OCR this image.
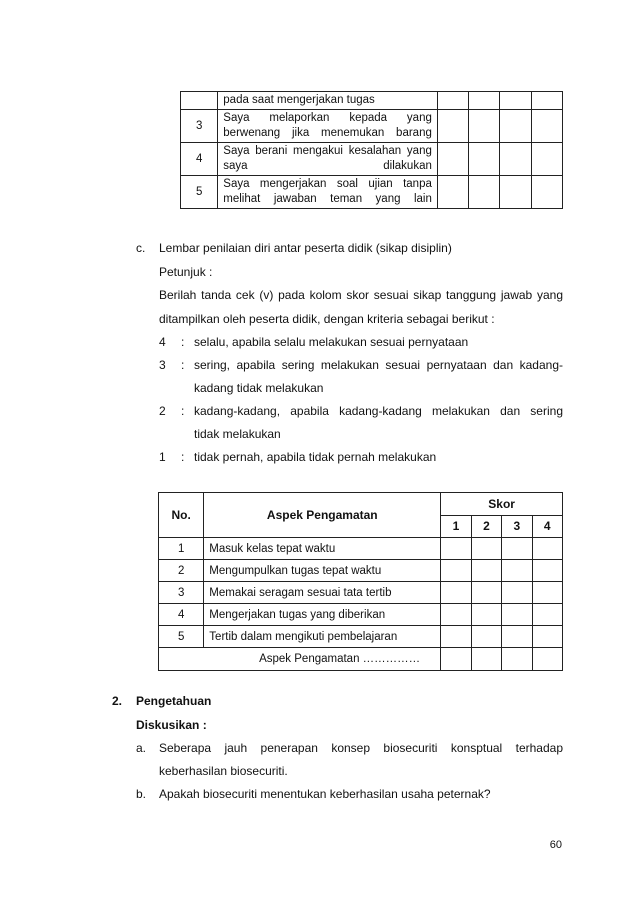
	pada saat mengerjakan tugas				
3	Saya melaporkan kepada yang berwenang jika menemukan barang				
4	Saya berani mengakui kesalahan yang saya dilakukan				
5	Saya mengerjakan soal ujian tanpa melihat jawaban teman yang lain				
c. Lembar penilaian diri antar peserta didik (sikap disiplin)
Petunjuk :
Berilah tanda cek (v) pada kolom skor sesuai sikap tanggung jawab yang
ditampilkan oleh peserta didik, dengan kriteria sebagai berikut :
4 : selalu, apabila selalu melakukan sesuai pernyataan
3 : sering, apabila sering melakukan sesuai pernyataan dan kadang-
kadang tidak melakukan
2 : kadang-kadang, apabila kadang-kadang melakukan dan sering
tidak melakukan
1 : tidak pernah, apabila tidak pernah melakukan
No.	Aspek Pengamatan	Skor			
		1	2	3	4
1	Masuk kelas tepat waktu				
2	Mengumpulkan tugas tepat waktu				
3	Memakai seragam sesuai tata tertib				
4	Mengerjakan tugas yang diberikan				
5	Tertib dalam mengikuti pembelajaran				
Aspek Pengamatan ……………					
2. Pengetahuan
Diskusikan :
a. Seberapa jauh penerapan konsep biosecuriti konsptual terhadap
keberhasilan biosecuriti.
b. Apakah biosecuriti menentukan keberhasilan usaha peternak?
60
